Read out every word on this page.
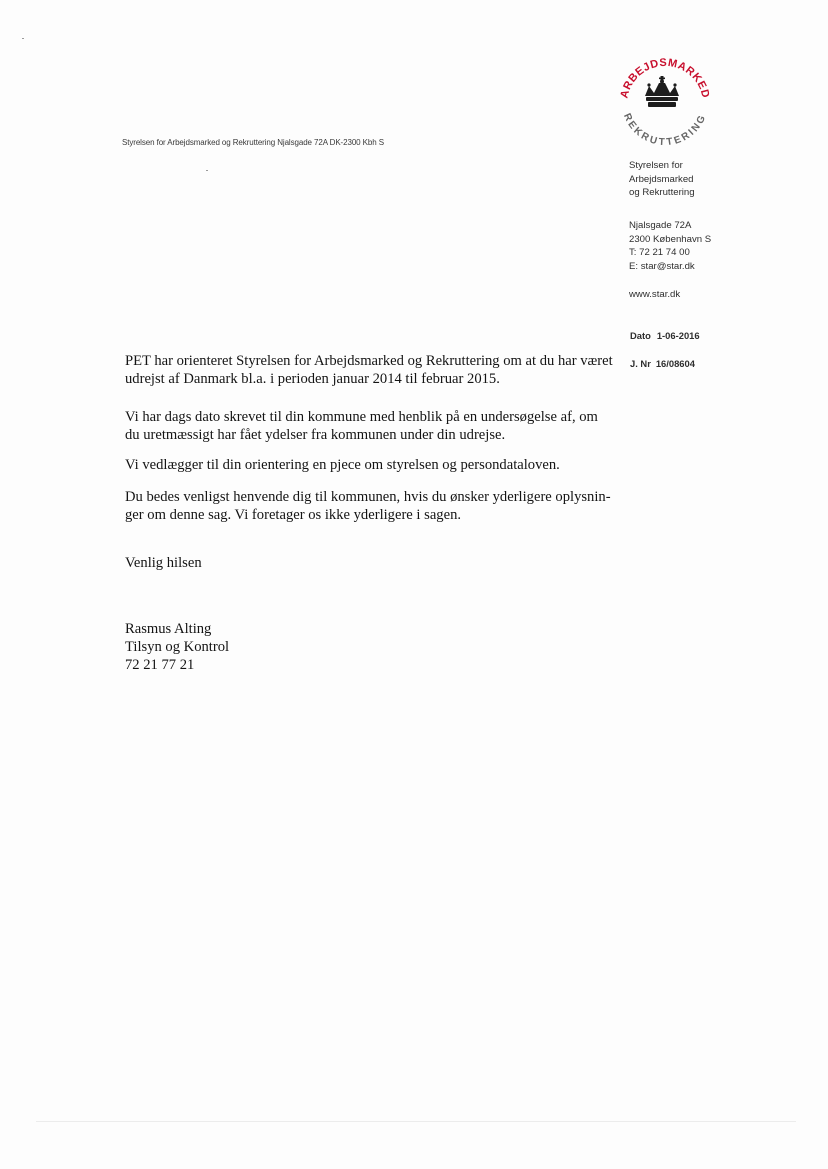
ARBEJDSMARKED
REKRUTTERING
Styrelsen for Arbejdsmarked og Rekruttering Njalsgade 72A DK-2300 Kbh S
Styrelsen for
Arbejdsmarked
og Rekruttering
Njalsgade 72A
2300 København S
T: 72 21 74 00
E: star@star.dk
www.star.dk
Dato 1-06-2016
J. Nr 16/08604

PET har orienteret Styrelsen for Arbejdsmarked og Rekruttering om at du har været

udrejst af Danmark bl.a. i perioden januar 2014 til februar 2015.

Vi har dags dato skrevet til din kommune med henblik på en undersøgelse af, om

du uretmæssigt har fået ydelser fra kommunen under din udrejse.

Vi vedlægger til din orientering en pjece om styrelsen og persondataloven.

Du bedes venligst henvende dig til kommunen, hvis du ønsker yderligere oplysnin-

ger om denne sag. Vi foretager os ikke yderligere i sagen.

Venlig hilsen
Rasmus Alting
Tilsyn og Kontrol
72 21 77 21
